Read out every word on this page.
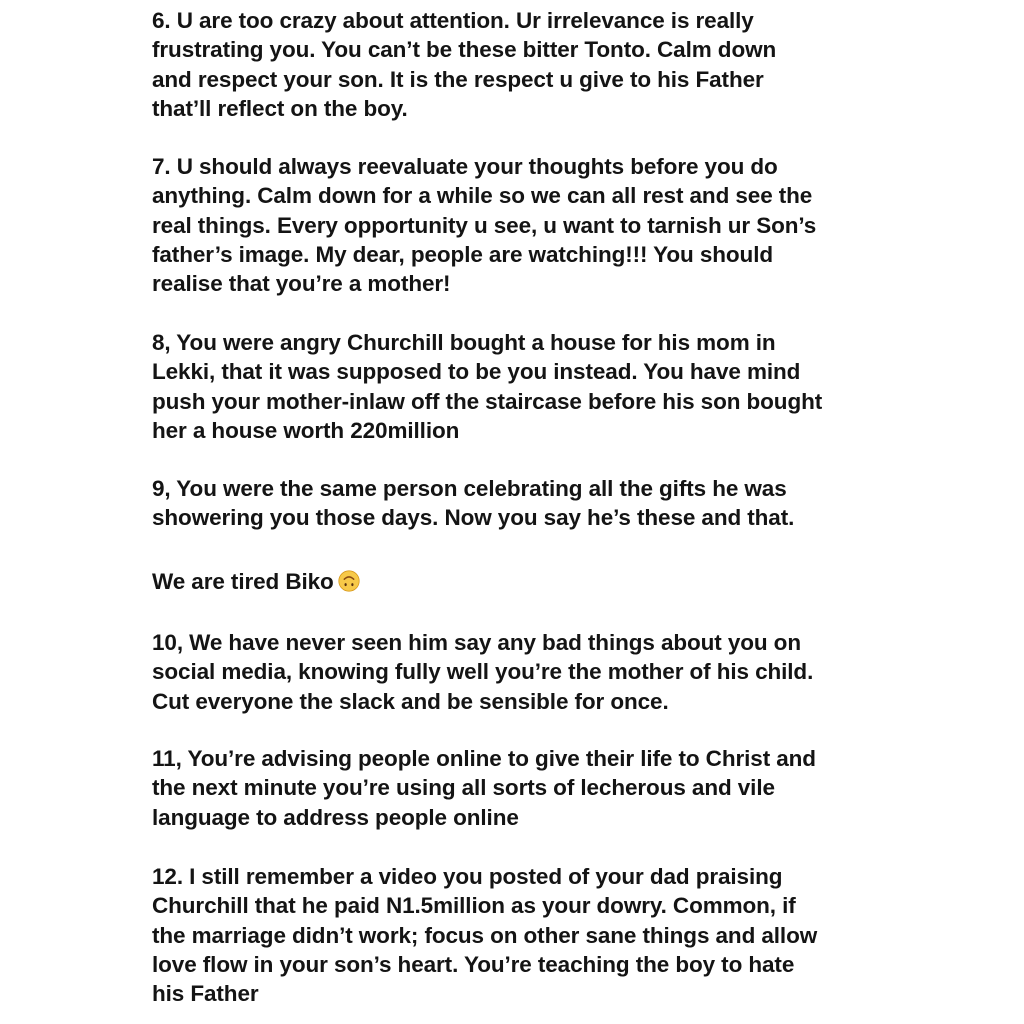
6. U are too crazy about attention. Ur irrelevance is really
frustrating you. You can’t be these bitter Tonto. Calm down
and respect your son. It is the respect u give to his Father
that’ll reflect on the boy.
7. U should always reevaluate your thoughts before you do
anything. Calm down for a while so we can all rest and see the
real things. Every opportunity u see, u want to tarnish ur Son’s
father’s image. My dear, people are watching!!! You should
realise that you’re a mother!
8, You were angry Churchill bought a house for his mom in
Lekki, that it was supposed to be you instead. You have mind
push your mother-inlaw off the staircase before his son bought
her a house worth 220million
9, You were the same person celebrating all the gifts he was
showering you those days. Now you say he’s these and that.
We are tired Biko
10, We have never seen him say any bad things about you on
social media, knowing fully well you’re the mother of his child.
Cut everyone the slack and be sensible for once.
11, You’re advising people online to give their life to Christ and
the next minute you’re using all sorts of lecherous and vile
language to address people online
12. I still remember a video you posted of your dad praising
Churchill that he paid N1.5million as your dowry. Common, if
the marriage didn’t work; focus on other sane things and allow
love flow in your son’s heart. You’re teaching the boy to hate
his Father
